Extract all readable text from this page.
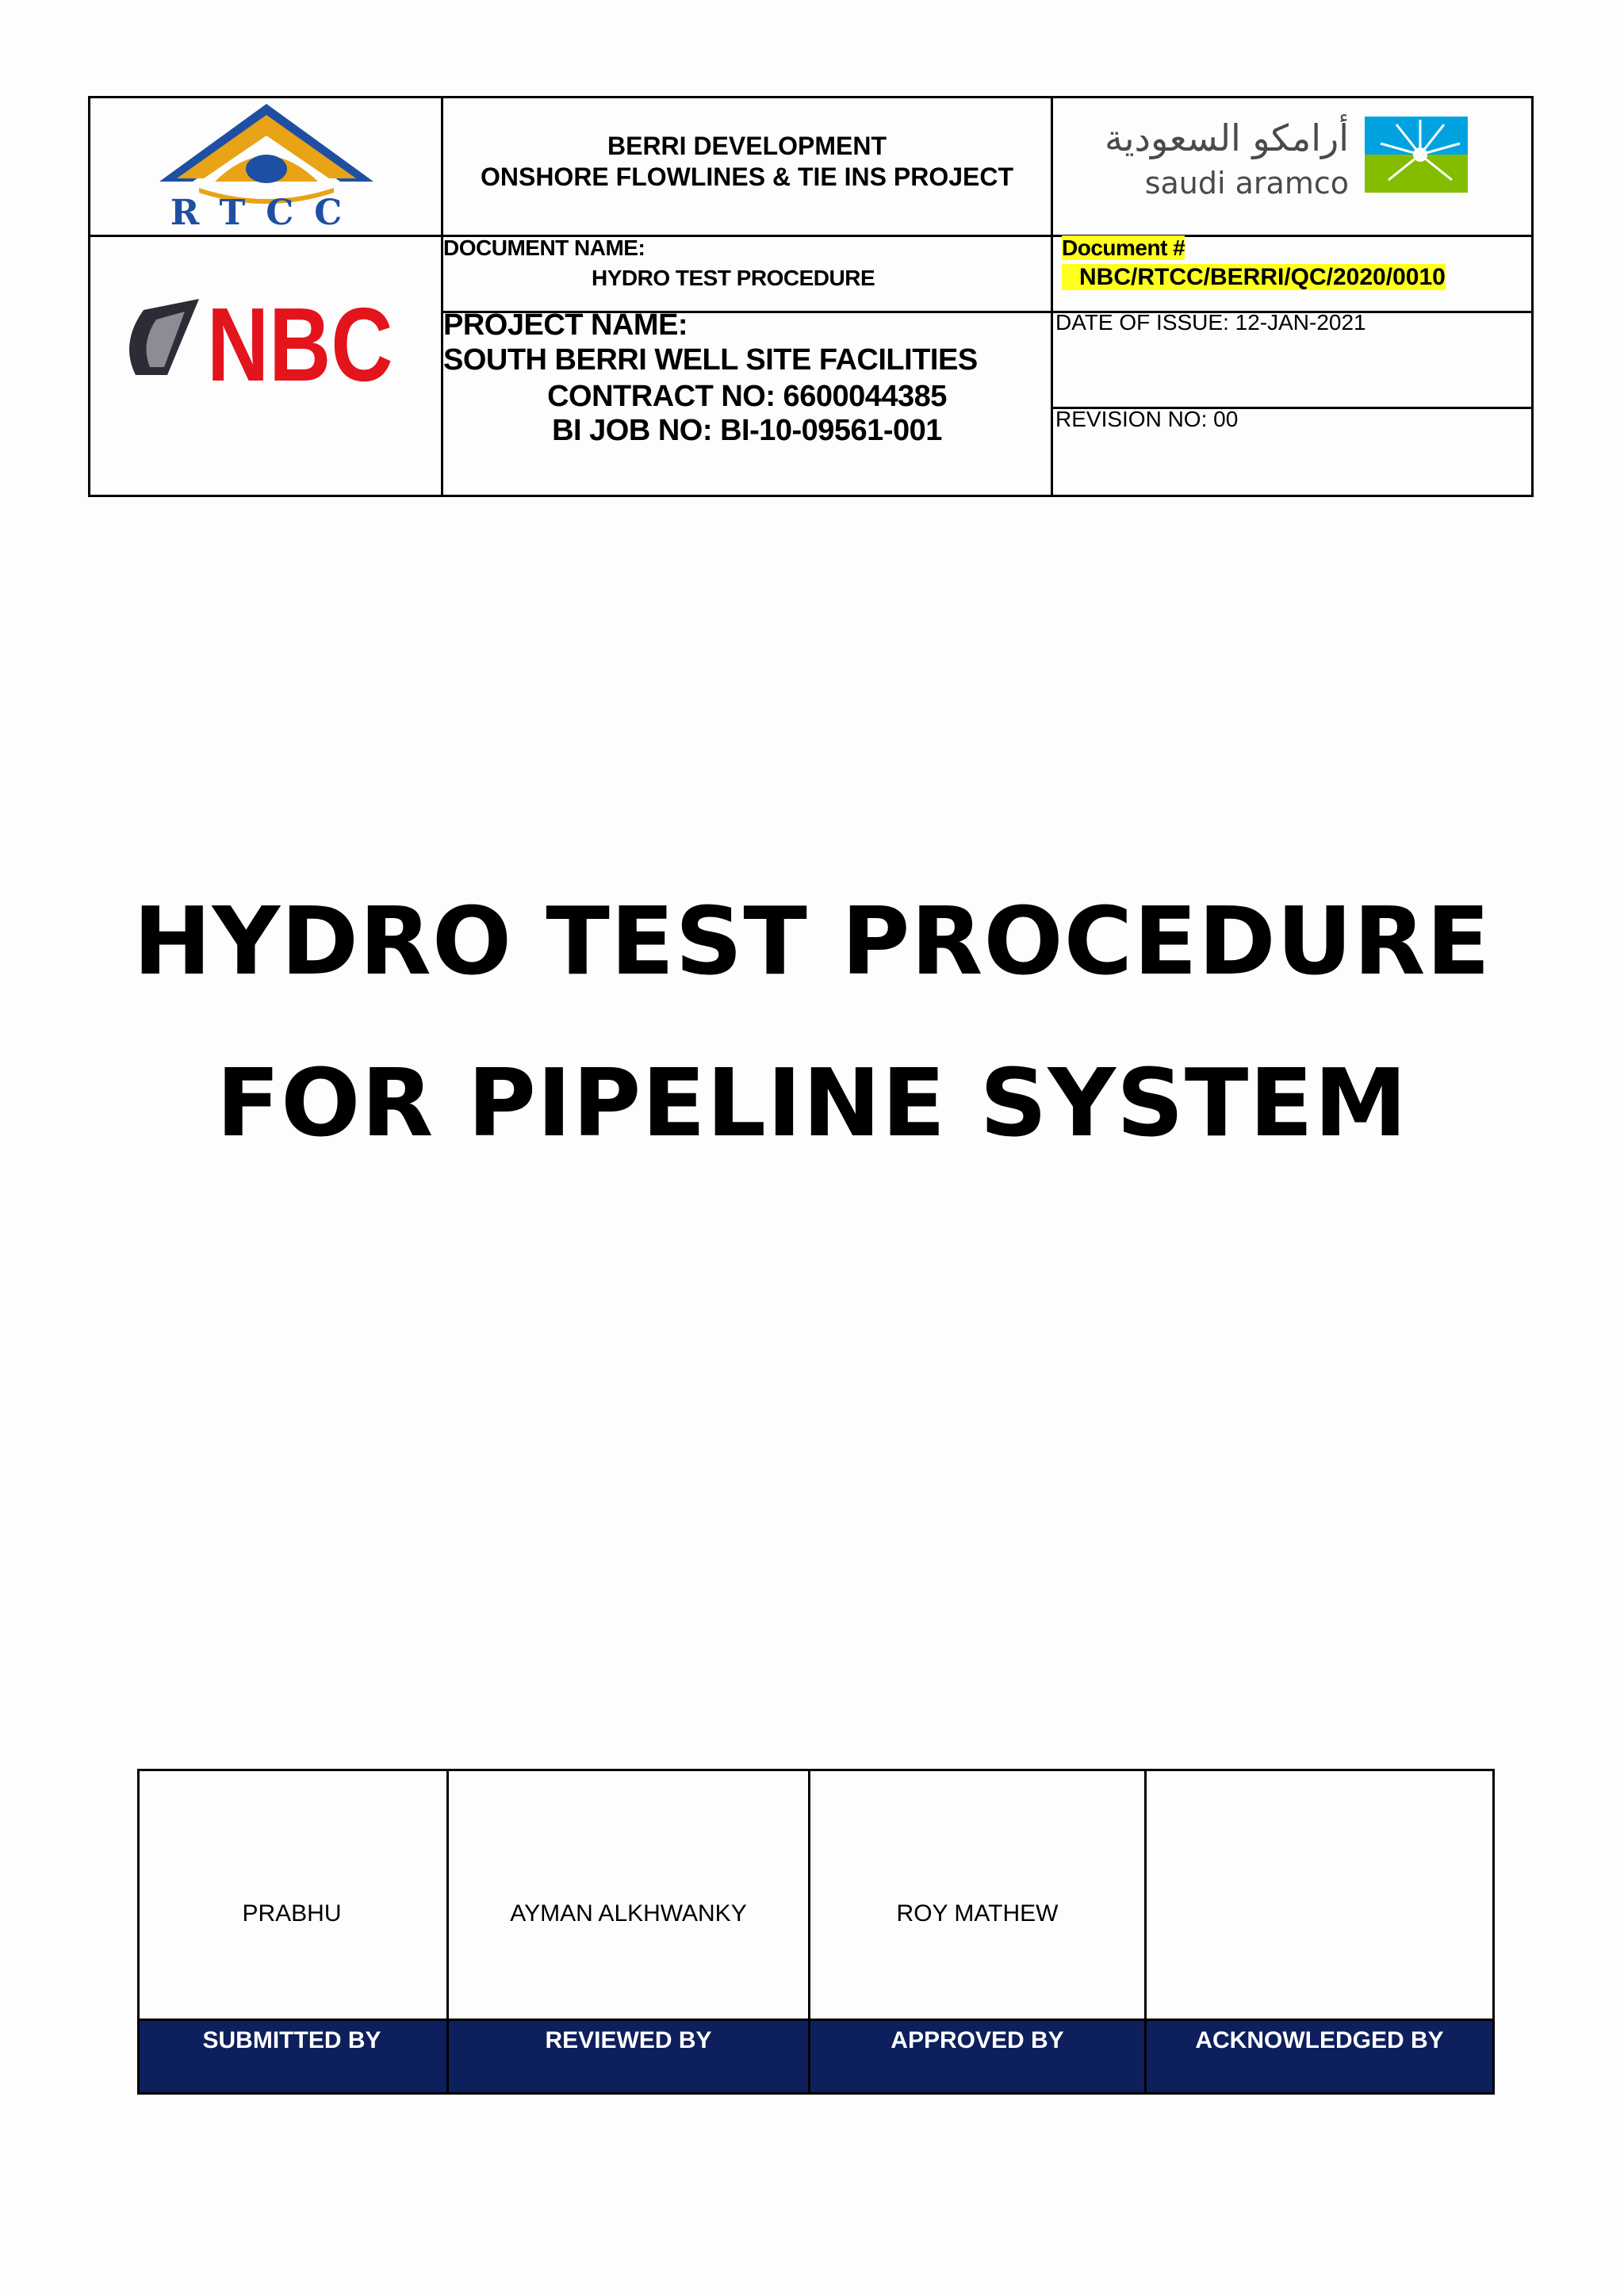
RTCC
BERRI DEVELOPMENT
ONSHORE FLOWLINES & TIE INS PROJECT
أرامكو السعودية
saudi aramco
NBC
DOCUMENT NAME:
HYDRO TEST PROCEDURE
Document #
NBC/RTCC/BERRI/QC/2020/0010
PROJECT NAME:
SOUTH BERRI WELL SITE FACILITIES
CONTRACT NO: 6600044385
BI JOB NO: BI-10-09561-001
DATE OF ISSUE: 12-JAN-2021
REVISION NO: 00
HYDRO TEST PROCEDURE
FOR PIPELINE SYSTEM
PRABHU	AYMAN ALKHWANKY	ROY MATHEW
SUBMITTED BY	REVIEWED BY	APPROVED BY	ACKNOWLEDGED BY
